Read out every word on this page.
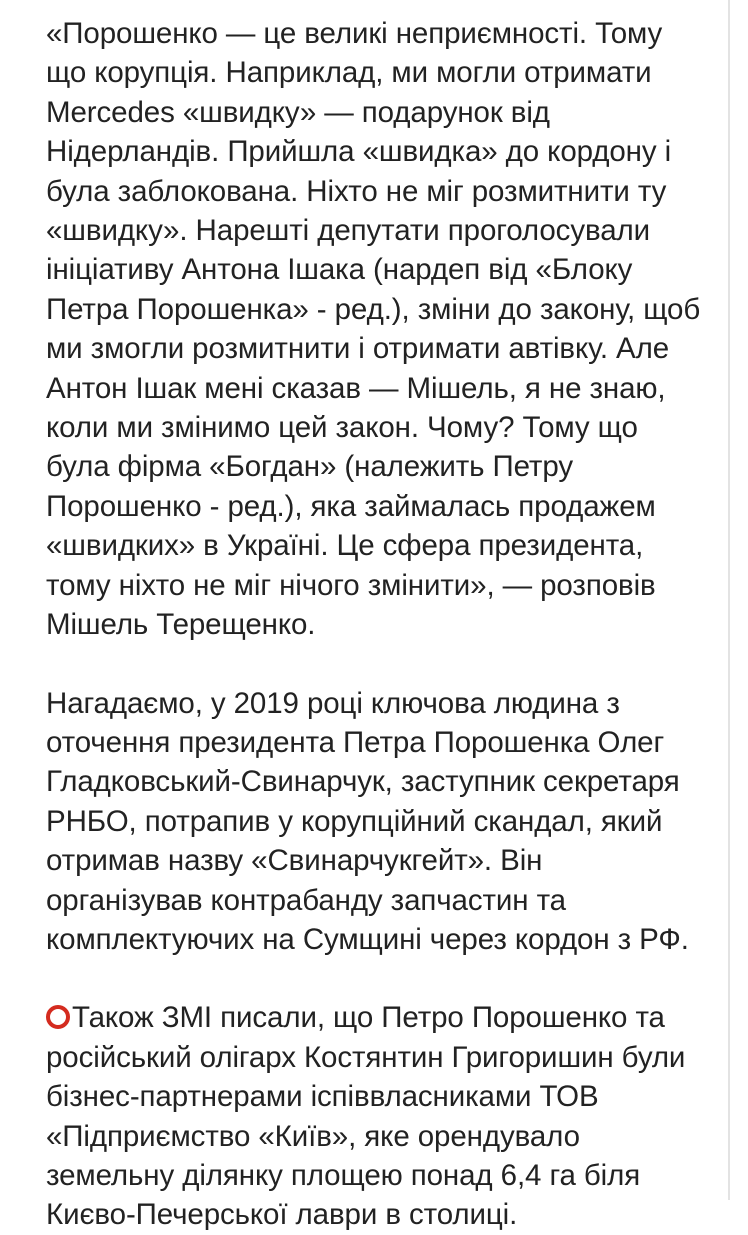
«Порошенко — це великі неприємності. Тому
що корупція. Наприклад, ми могли отримати
Mercedes «швидку» — подарунок від
Нідерландів. Прийшла «швидка» до кордону і
була заблокована. Ніхто не міг розмитнити ту
«швидку». Нарешті депутати проголосували
ініціативу Антона Ішака (нардеп від «Блоку
Петра Порошенка» - ред.), зміни до закону, щоб
ми змогли розмитнити і отримати автівку. Але
Антон Ішак мені сказав — Мішель, я не знаю,
коли ми змінимо цей закон. Чому? Тому що
була фірма «Богдан» (належить Петру
Порошенко - ред.), яка займалась продажем
«швидких» в Україні. Це сфера президента,
тому ніхто не міг нічого змінити», — розповів
Мішель Терещенко.

Нагадаємо, у 2019 році ключова людина з
оточення президента Петра Порошенка Олег
Гладковський-Свинарчук, заступник секретаря
РНБО, потрапив у корупційний скандал, який
отримав назву «Свинарчукгейт». Він
організував контрабанду запчастин та
комплектуючих на Сумщині через кордон з РФ.

Також ЗМІ писали, що Петро Порошенко та
російський олігарх Костянтин Григоришин були
бізнес-партнерами іспіввласниками ТОВ
«Підприємство «Київ», яке орендувало
земельну ділянку площею понад 6,4 га біля
Києво-Печерської лаври в столиці.
